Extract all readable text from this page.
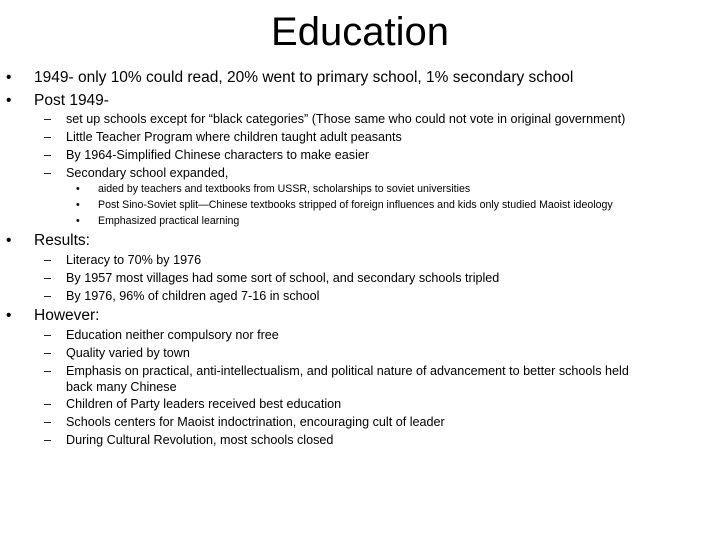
Education
• 1949- only 10% could read, 20% went to primary school, 1% secondary school
• Post 1949-
– set up schools except for “black categories” (Those same who could not vote in original government)
– Little Teacher Program where children taught adult peasants
– By 1964-Simplified Chinese characters to make easier
– Secondary school expanded,
• aided by teachers and textbooks from USSR, scholarships to soviet universities
• Post Sino-Soviet split—Chinese textbooks stripped of foreign influences and kids only studied Maoist ideology
• Emphasized practical learning
• Results:
– Literacy to 70% by 1976
– By 1957 most villages had some sort of school, and secondary schools tripled
– By 1976, 96% of children aged 7-16 in school
• However:
– Education neither compulsory nor free
– Quality varied by town
– Emphasis on practical, anti-intellectualism, and political nature of advancement to better schools held
back many Chinese
– Children of Party leaders received best education
– Schools centers for Maoist indoctrination, encouraging cult of leader
– During Cultural Revolution, most schools closed
